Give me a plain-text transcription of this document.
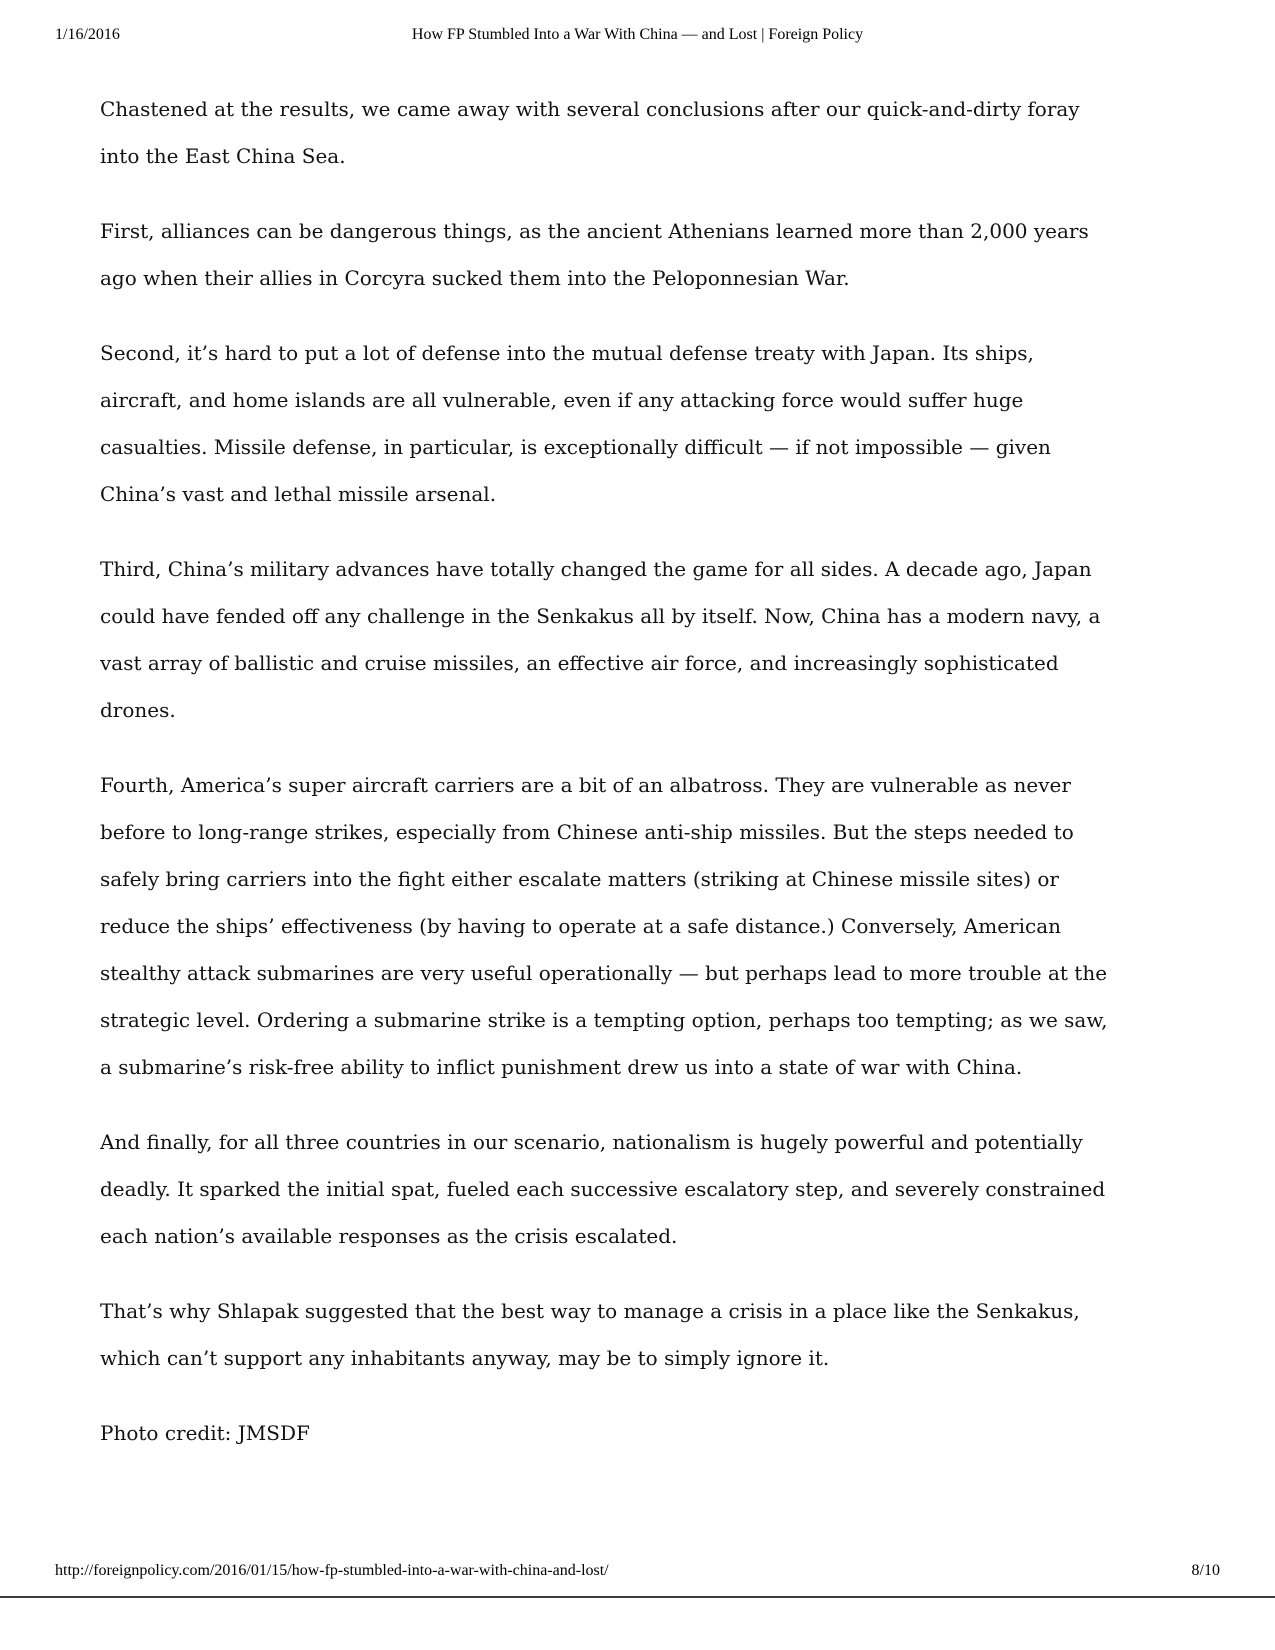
1/16/2016	How FP Stumbled Into a War With China — and Lost | Foreign Policy

Chastened at the results, we came away with several conclusions after our quick-and-dirty foray into the East China Sea.

First, alliances can be dangerous things, as the ancient Athenians learned more than 2,000 years ago when their allies in Corcyra sucked them into the Peloponnesian War.

Second, it’s hard to put a lot of defense into the mutual defense treaty with Japan. Its ships, aircraft, and home islands are all vulnerable, even if any attacking force would suffer huge casualties. Missile defense, in particular, is exceptionally difficult — if not impossible — given China’s vast and lethal missile arsenal.

Third, China’s military advances have totally changed the game for all sides. A decade ago, Japan could have fended off any challenge in the Senkakus all by itself. Now, China has a modern navy, a vast array of ballistic and cruise missiles, an effective air force, and increasingly sophisticated drones.

Fourth, America’s super aircraft carriers are a bit of an albatross. They are vulnerable as never before to long-range strikes, especially from Chinese anti-ship missiles. But the steps needed to safely bring carriers into the fight either escalate matters (striking at Chinese missile sites) or reduce the ships’ effectiveness (by having to operate at a safe distance.) Conversely, American stealthy attack submarines are very useful operationally — but perhaps lead to more trouble at the strategic level. Ordering a submarine strike is a tempting option, perhaps too tempting; as we saw, a submarine’s risk-free ability to inflict punishment drew us into a state of war with China.

And finally, for all three countries in our scenario, nationalism is hugely powerful and potentially deadly. It sparked the initial spat, fueled each successive escalatory step, and severely constrained each nation’s available responses as the crisis escalated.

That’s why Shlapak suggested that the best way to manage a crisis in a place like the Senkakus, which can’t support any inhabitants anyway, may be to simply ignore it.

Photo credit: JMSDF

http://foreignpolicy.com/2016/01/15/how-fp-stumbled-into-a-war-with-china-and-lost/	8/10
